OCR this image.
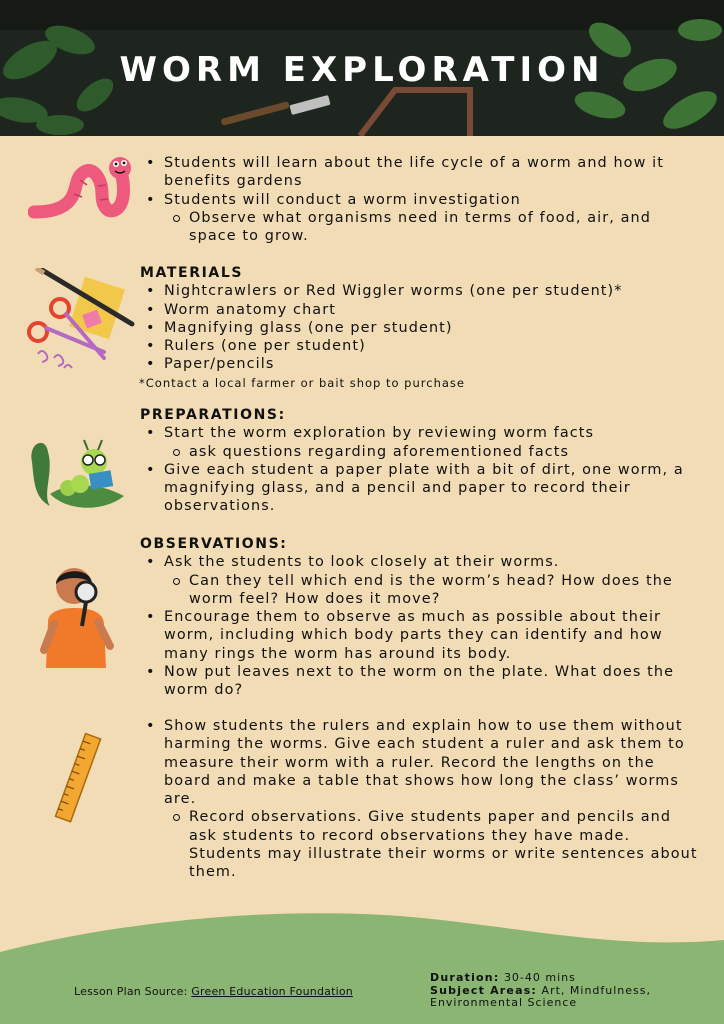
WORM EXPLORATION
• Students will learn about the life cycle of a worm and how it benefits gardens
• Students will conduct a worm investigation
Observe what organisms need in terms of food, air, and space to grow.
MATERIALS
• Nightcrawlers or Red Wiggler worms (one per student)*
• Worm anatomy chart
• Magnifying glass (one per student)
• Rulers (one per student)
• Paper/pencils
*Contact a local farmer or bait shop to purchase
PREPARATIONS:
• Start the worm exploration by reviewing worm facts
ask questions regarding aforementioned facts
• Give each student a paper plate with a bit of dirt, one worm, a magnifying glass, and a pencil and paper to record their observations.
OBSERVATIONS:
• Ask the students to look closely at their worms.
Can they tell which end is the worm’s head? How does the worm feel? How does it move?
• Encourage them to observe as much as possible about their worm, including which body parts they can identify and how many rings the worm has around its body.
• Now put leaves next to the worm on the plate. What does the worm do?
• Show students the rulers and explain how to use them without harming the worms. Give each student a ruler and ask them to measure their worm with a ruler. Record the lengths on the board and make a table that shows how long the class’ worms are.
Record observations. Give students paper and pencils and ask students to record observations they have made. Students may illustrate their worms or write sentences about them.
Lesson Plan Source: Green Education Foundation
Duration: 30-40 mins
Subject Areas: Art, Mindfulness, Environmental Science
